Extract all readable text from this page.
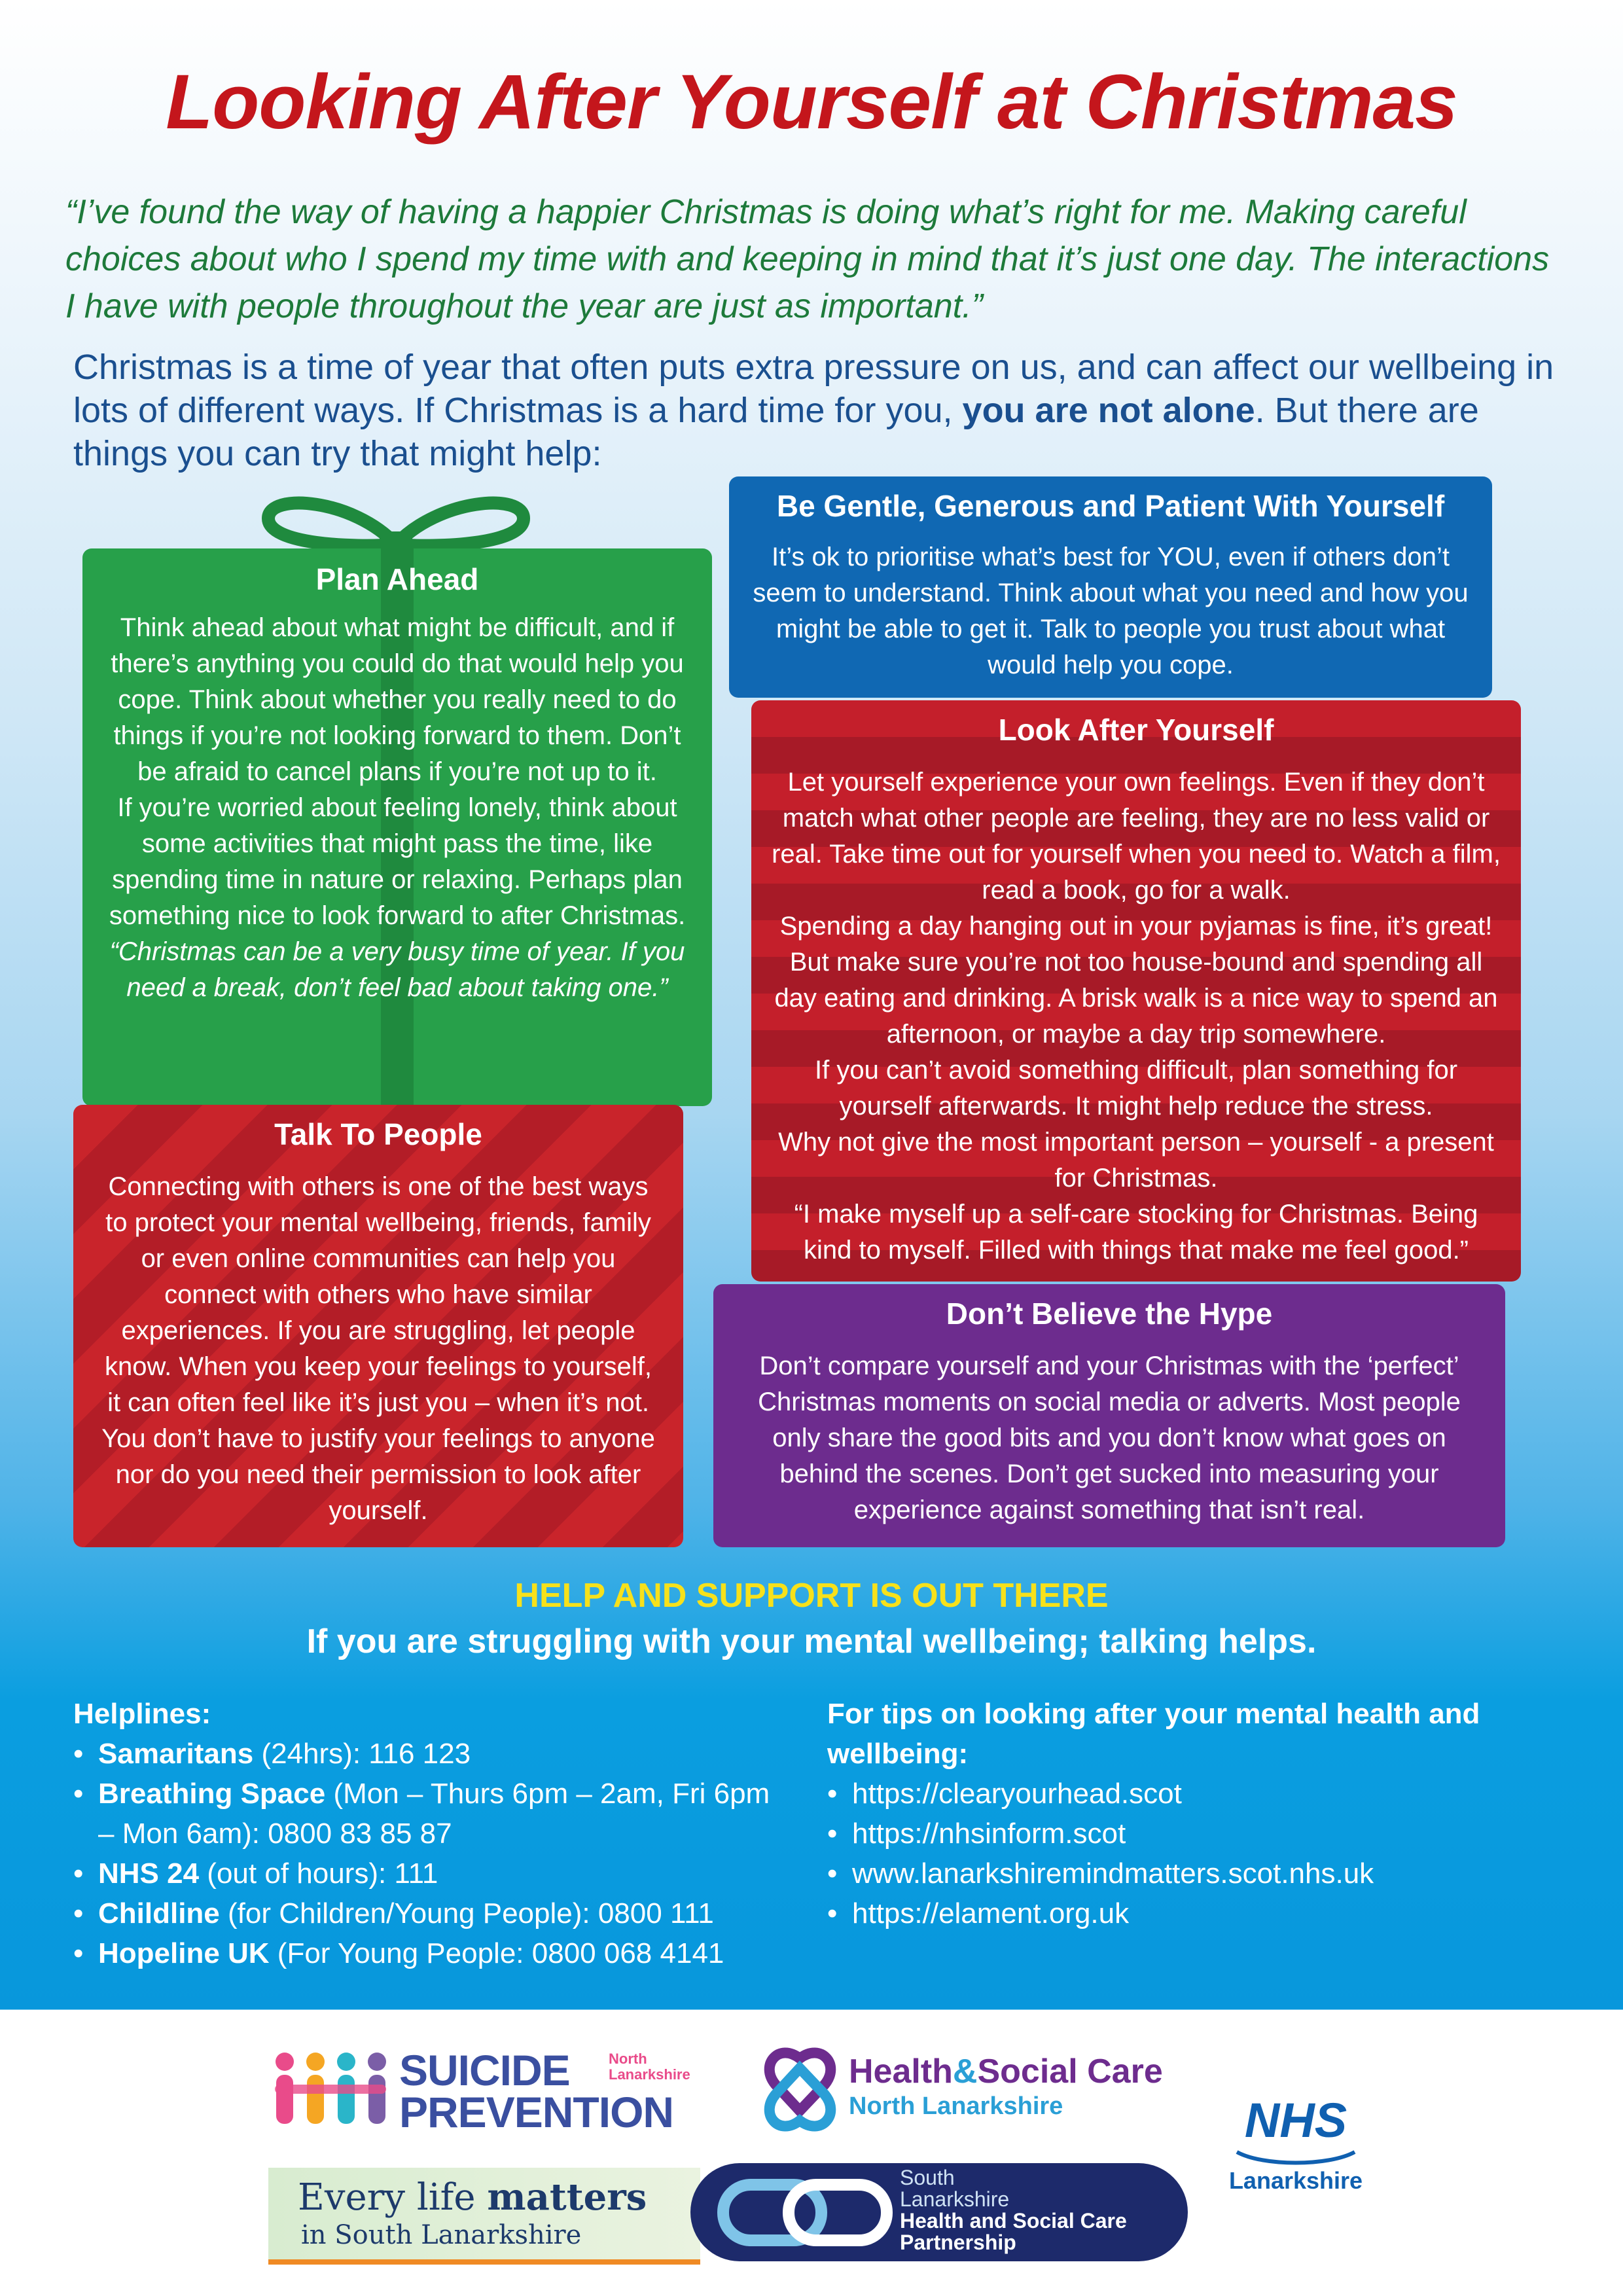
Looking After Yourself at Christmas
“I’ve found the way of having a happier Christmas is doing what’s right for me. Making careful choices about who I spend my time with and keeping in mind that it’s just one day. The interactions I have with people throughout the year are just as important.”
Christmas is a time of year that often puts extra pressure on us, and can affect our wellbeing in lots of different ways. If Christmas is a hard time for you, you are not alone. But there are things you can try that might help:
Plan Ahead
Think ahead about what might be difficult, and if there’s anything you could do that would help you cope. Think about whether you really need to do things if you’re not looking forward to them. Don’t be afraid to cancel plans if you’re not up to it.
If you’re worried about feeling lonely, think about some activities that might pass the time, like spending time in nature or relaxing. Perhaps plan something nice to look forward to after Christmas.
“Christmas can be a very busy time of year. If you need a break, don’t feel bad about taking one.”
Be Gentle, Generous and Patient With Yourself
It’s ok to prioritise what’s best for YOU, even if others don’t seem to understand. Think about what you need and how you might be able to get it. Talk to people you trust about what would help you cope.
Look After Yourself
Let yourself experience your own feelings. Even if they don’t match what other people are feeling, they are no less valid or real. Take time out for yourself when you need to. Watch a film, read a book, go for a walk.
Spending a day hanging out in your pyjamas is fine, it’s great! But make sure you’re not too house-bound and spending all day eating and drinking. A brisk walk is a nice way to spend an afternoon, or maybe a day trip somewhere.
If you can’t avoid something difficult, plan something for yourself afterwards. It might help reduce the stress.
Why not give the most important person – yourself - a present for Christmas.
“I make myself up a self-care stocking for Christmas. Being kind to myself. Filled with things that make me feel good.”
Talk To People
Connecting with others is one of the best ways to protect your mental wellbeing, friends, family or even online communities can help you connect with others who have similar experiences. If you are struggling, let people know. When you keep your feelings to yourself, it can often feel like it’s just you – when it’s not. You don’t have to justify your feelings to anyone nor do you need their permission to look after yourself.
Don’t Believe the Hype
Don’t compare yourself and your Christmas with the ‘perfect’ Christmas moments on social media or adverts. Most people only share the good bits and you don’t know what goes on behind the scenes. Don’t get sucked into measuring your experience against something that isn’t real.
HELP AND SUPPORT IS OUT THERE
If you are struggling with your mental wellbeing; talking helps.
Helplines:
• Samaritans (24hrs): 116 123
• Breathing Space (Mon – Thurs 6pm – 2am, Fri 6pm – Mon 6am): 0800 83 85 87
• NHS 24 (out of hours): 111
• Childline (for Children/Young People): 0800 111
• Hopeline UK (For Young People: 0800 068 4141
For tips on looking after your mental health and wellbeing:
• https://clearyourhead.scot
• https://nhsinform.scot
• www.lanarkshiremindmatters.scot.nhs.uk
• https://elament.org.uk
SUICIDE
PREVENTION
North
Lanarkshire	Health&Social Care
North Lanarkshire	NHS
Lanarkshire
Every life matters
in South Lanarkshire
South
Lanarkshire
Health and Social Care
Partnership
